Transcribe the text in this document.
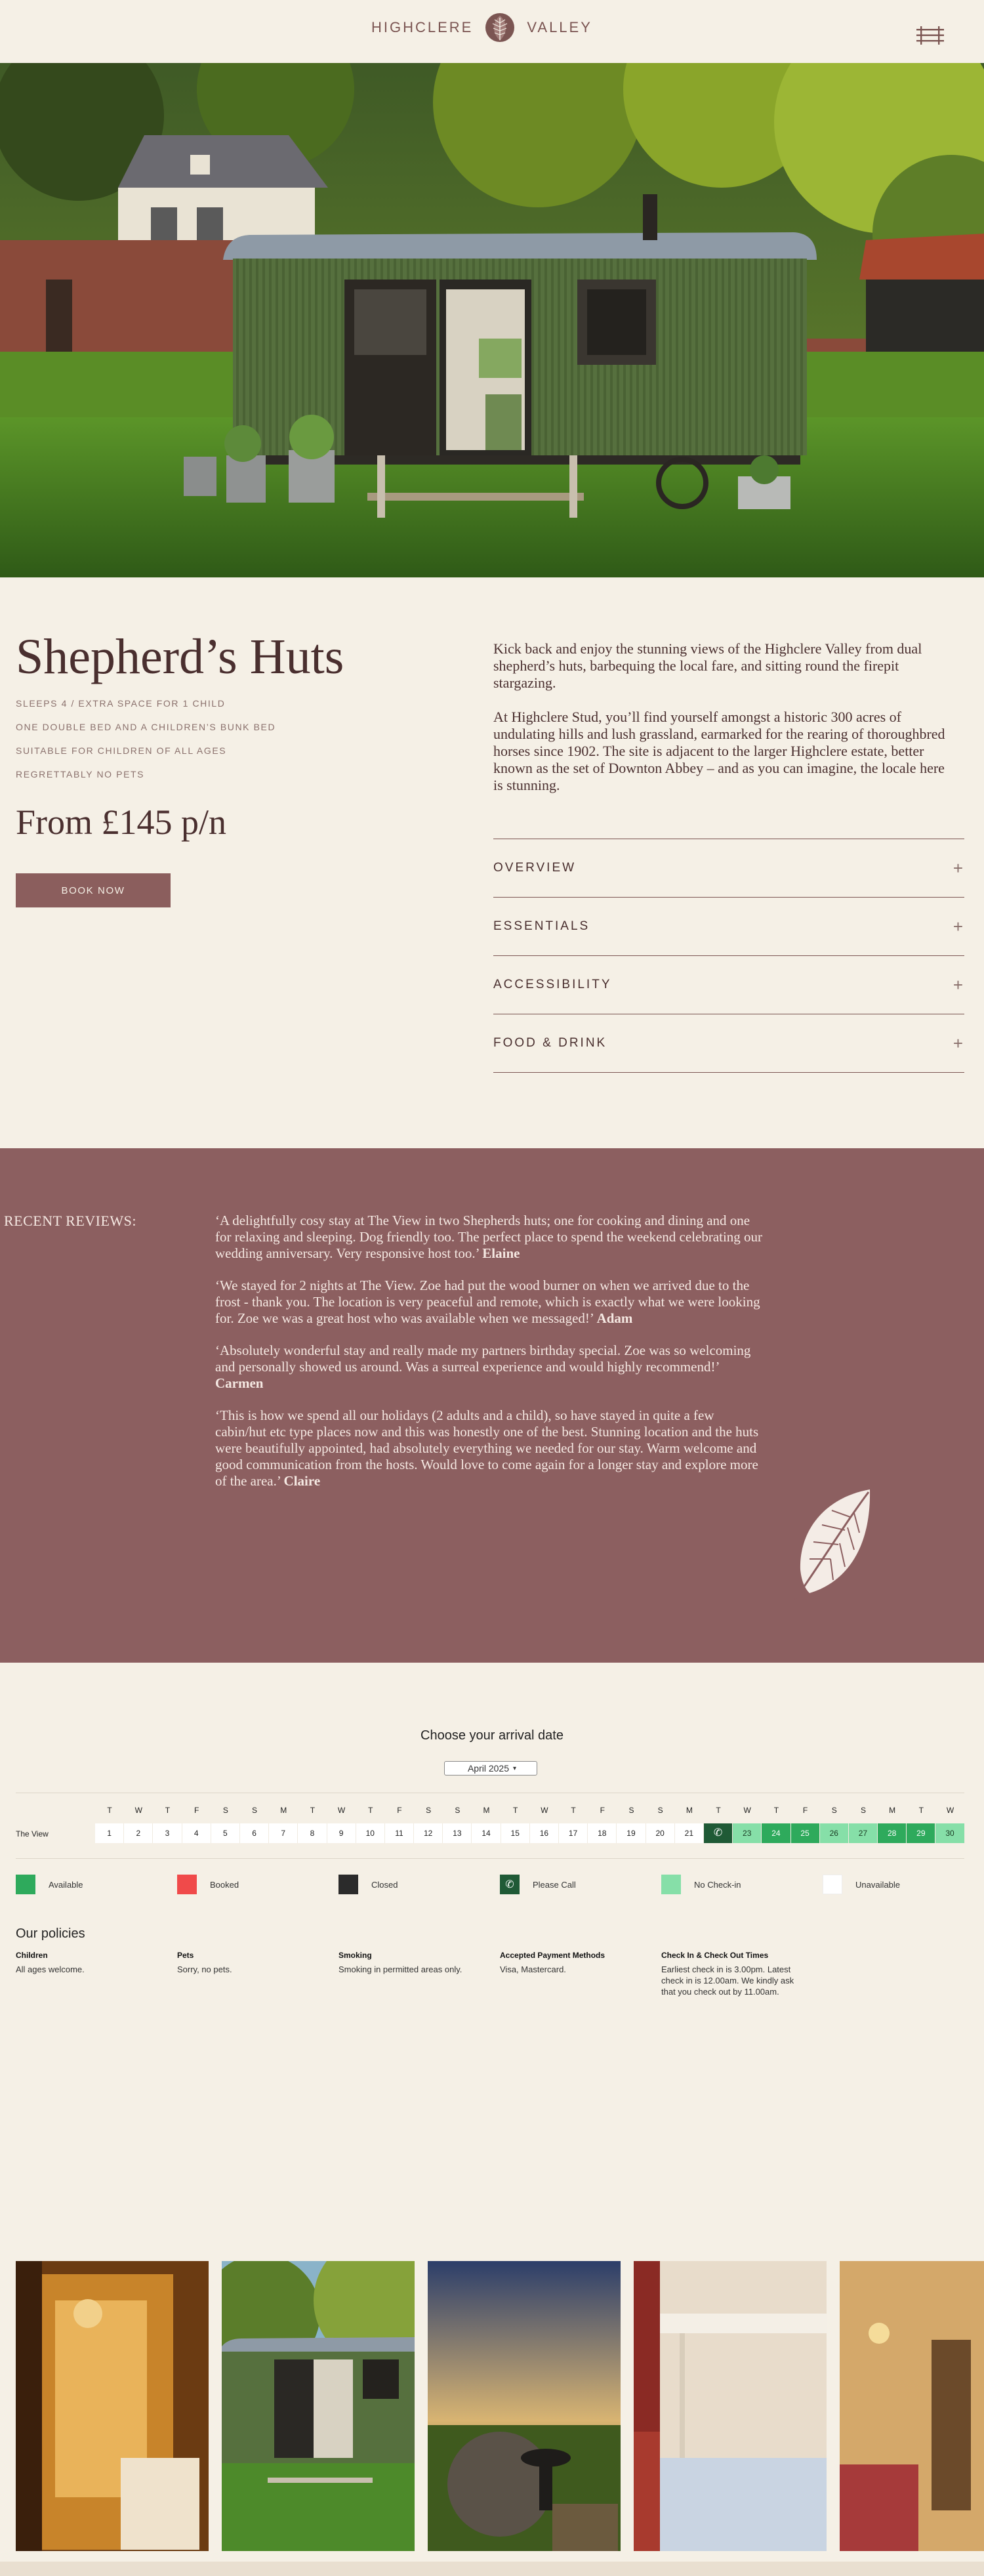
HIGHCLERE	VALLEY
Shepherd’s Huts
SLEEPS 4 / EXTRA SPACE FOR 1 CHILD
ONE DOUBLE BED AND A CHILDREN’S BUNK BED
SUITABLE FOR CHILDREN OF ALL AGES
REGRETTABLY NO PETS
From £145 p/n
BOOK NOW

Kick back and enjoy the stunning views of the Highclere Valley from dual shepherd’s huts, barbequing the local fare, and sitting round the firepit stargazing.

At Highclere Stud, you’ll find yourself amongst a historic 300 acres of undulating hills and lush grassland, earmarked for the rearing of thoroughbred horses since 1902. The site is adjacent to the larger Highclere estate, better known as the set of Downton Abbey – and as you can imagine, the locale here is stunning.

OVERVIEW	+
ESSENTIALS	+
ACCESSIBILITY	+
FOOD & DRINK	+
RECENT REVIEWS:	‘A delightfully cosy stay at The View in two Shepherds huts; one for cooking and dining and one for relaxing and sleeping. Dog friendly too. The perfect place to spend the weekend celebrating our wedding anniversary. Very responsive host too.’ Elaine
‘We stayed for 2 nights at The View. Zoe had put the wood burner on when we arrived due to the frost - thank you. The location is very peaceful and remote, which is exactly what we were looking for. Zoe we was a great host who was available when we messaged!’ Adam
‘Absolutely wonderful stay and really made my partners birthday special. Zoe was so welcoming and personally showed us around. Was a surreal experience and would highly recommend!’ Carmen
‘This is how we spend all our holidays (2 adults and a child), so have stayed in quite a few cabin/hut etc type places now and this was honestly one of the best. Stunning location and the huts were beautifully appointed, had absolutely everything we needed for our stay. Warm welcome and good communication from the hosts. Would love to come again for a longer stay and explore more of the area.’ Claire
Choose your arrival date
April 2025 ▾
T	W	T	F	S	S	M	T	W	T	F	S	S	M	T	W	T	F	S	S	M	T	W	T	F	S	S	M	T	W
The View	1	2	3	4	5	6	7	8	9	10	11	12	13	14	15	16	17	18	19	20	21	✆	23	24	25	26	27	28	29	30
Available	Booked	Closed	✆ Please Call	No Check-in	Unavailable
Our policies
Children
All ages welcome.
Pets
Sorry, no pets.
Smoking
Smoking in permitted areas only.
Accepted Payment Methods
Visa, Mastercard.
Check In & Check Out Times
Earliest check in is 3.00pm. Latest check in is 12.00am. We kindly ask that you check out by 11.00am.
